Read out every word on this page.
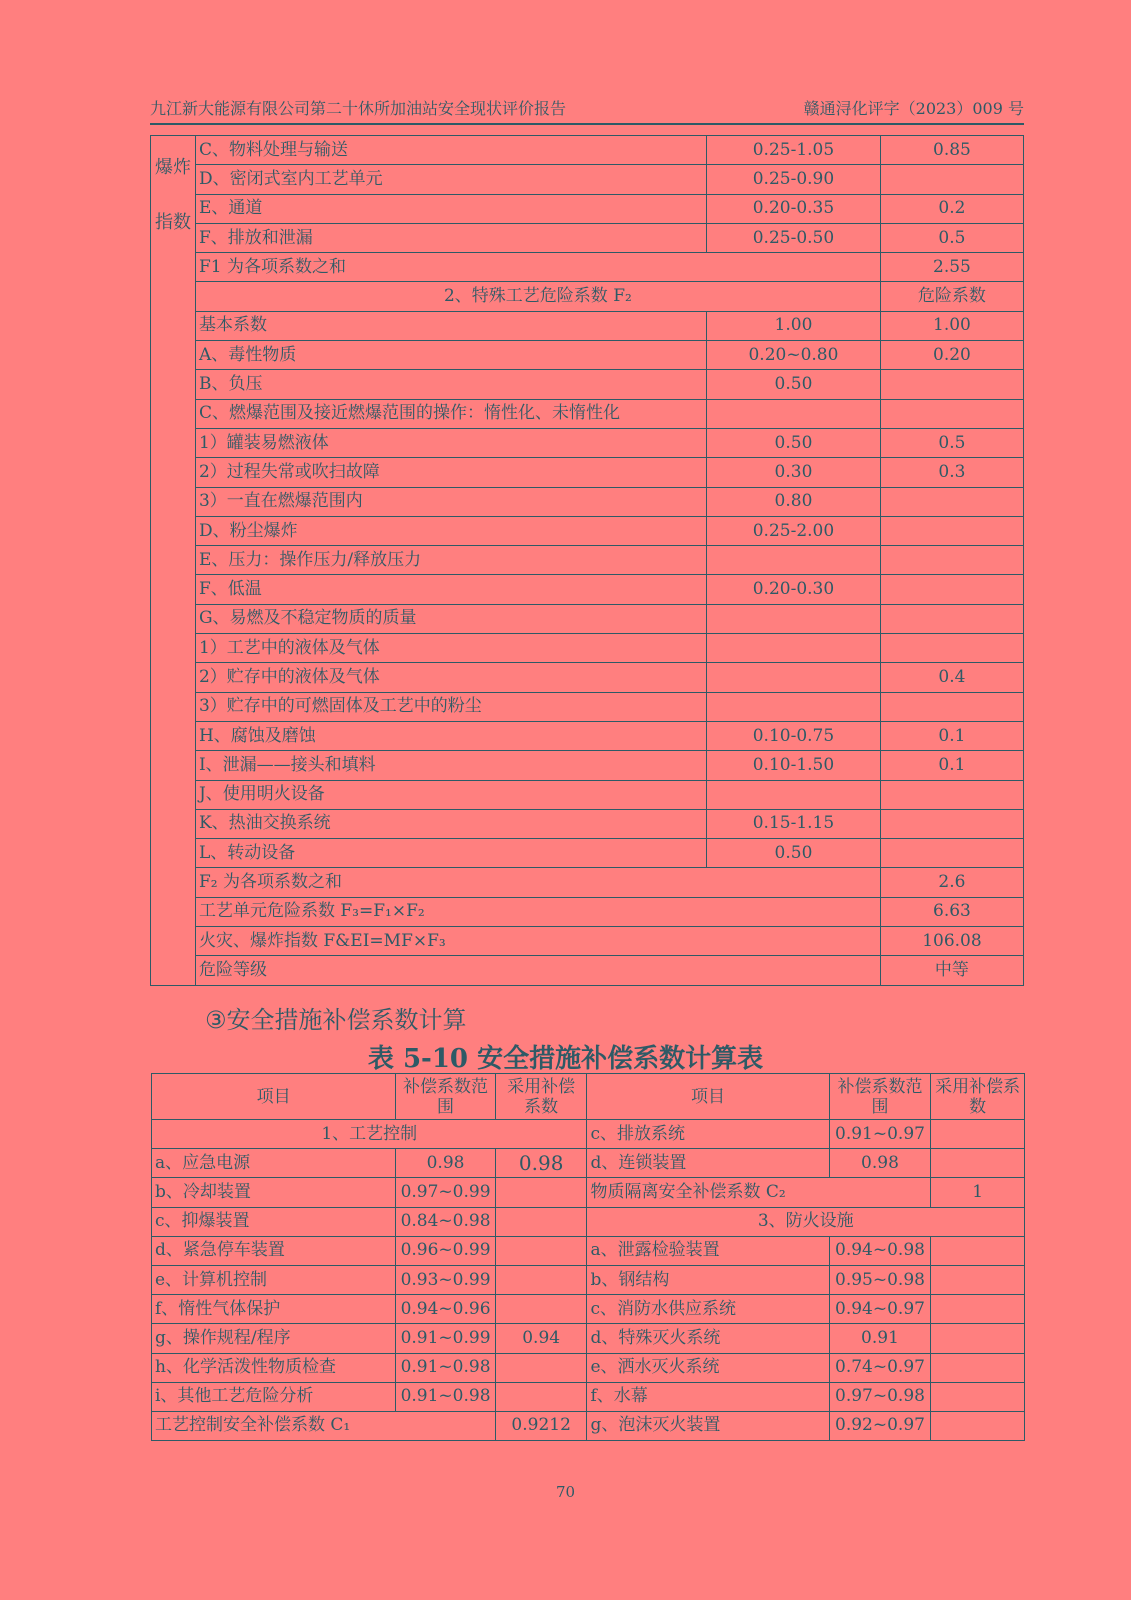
九江新大能源有限公司第二十休所加油站安全现状评价报告	赣通浔化评字（2023）009 号
爆炸指数	C、物料处理与输送	0.25-1.05	0.85
	D、密闭式室内工艺单元	0.25-0.90	
	E、通道	0.20-0.35	0.2
	F、排放和泄漏	0.25-0.50	0.5
	F1 为各项系数之和		2.55
	2、特殊工艺危险系数 F₂		危险系数
	基本系数	1.00	1.00
	A、毒性物质	0.20~0.80	0.20
	B、负压	0.50	
	C、燃爆范围及接近燃爆范围的操作：惰性化、未惰性化		
	1）罐装易燃液体	0.50	0.5
	2）过程失常或吹扫故障	0.30	0.3
	3）一直在燃爆范围内	0.80	
	D、粉尘爆炸	0.25-2.00	
	E、压力：操作压力/释放压力		
	F、低温	0.20-0.30	
	G、易燃及不稳定物质的质量		
	1）工艺中的液体及气体		
	2）贮存中的液体及气体		0.4
	3）贮存中的可燃固体及工艺中的粉尘		
	H、腐蚀及磨蚀	0.10-0.75	0.1
	I、泄漏——接头和填料	0.10-1.50	0.1
	J、使用明火设备		
	K、热油交换系统	0.15-1.15	
	L、转动设备	0.50	
	F₂ 为各项系数之和		2.6
	工艺单元危险系数 F₃=F₁×F₂		6.63
	火灾、爆炸指数 F&EI=MF×F₃		106.08
	危险等级		中等
③安全措施补偿系数计算
表 5-10 安全措施补偿系数计算表
项目	补偿系数范围	采用补偿系数	项目	补偿系数范围	采用补偿系数
1、工艺控制			c、排放系统	0.91~0.97	
a、应急电源	0.98	0.98	d、连锁装置	0.98	
b、冷却装置	0.97~0.99		物质隔离安全补偿系数 C₂		1
c、抑爆装置	0.84~0.98		3、防火设施		
d、紧急停车装置	0.96~0.99		a、泄露检验装置	0.94~0.98	
e、计算机控制	0.93~0.99		b、钢结构	0.95~0.98	
f、惰性气体保护	0.94~0.96		c、消防水供应系统	0.94~0.97	
g、操作规程/程序	0.91~0.99	0.94	d、特殊灭火系统	0.91	
h、化学活泼性物质检查	0.91~0.98		e、洒水灭火系统	0.74~0.97	
i、其他工艺危险分析	0.91~0.98		f、水幕	0.97~0.98	
工艺控制安全补偿系数 C₁		0.9212	g、泡沫灭火装置	0.92~0.97	
70
